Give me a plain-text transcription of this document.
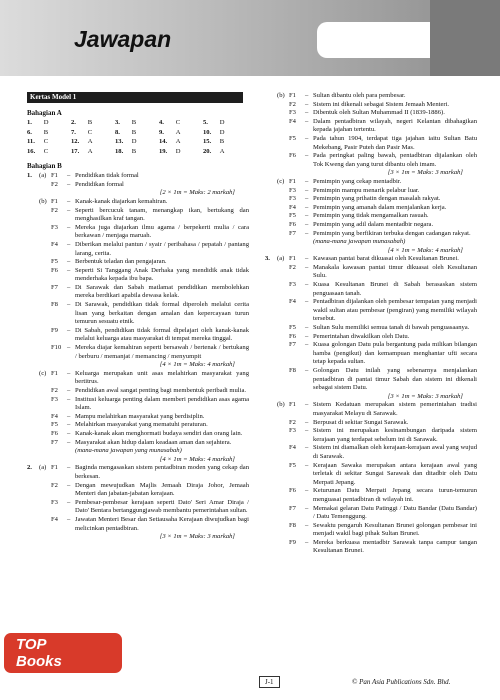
Jawapan
Kertas Model 1
Bahagian A
1.	D	2.	B	3.	B	4.	C	5.	D
6.	B	7.	C	8.	B	9.	A	10.	D
11.	C	12.	A	13.	D	14.	A	15.	B
16.	C	17.	A	18.	B	19.	D	20.	A
Bahagian B
1.	(a) F1	– Pendidikan tidak formal
F2	– Pendidikan formal
[2 × 1m = Maks: 2 markah]
(b) F1	– Kanak-kanak diajarkan kemahiran.
F2	– Seperti bercucuk tanam, menangkap ikan, bertukang dan menghasilkan kraf tangan.
F3	– Mereka juga diajarkan ilmu agama / berpekerti mulia / cara berkawan / menjaga maruah.
F4	– Diberikan melalui pantun / syair / peribahasa / pepatah / pantang larang, cerita.
F5	– Berbentuk teladan dan pengajaran.
F6	– Seperti Si Tanggang Anak Derhaka yang mendidik anak tidak menderhaka kepada ibu bapa.
F7	– Di Sarawak dan Sabah matlamat pendidikan membolehkan mereka berdikari apabila dewasa kelak.
F8	– Di Sarawak, pendidikan tidak formal diperoleh melalui cerita lisan yang berkaitan dengan amalan dan kepercayaan turun temurun sesuatu etnik.
F9	– Di Sabah, pendidikan tidak formal dipelajari oleh kanak-kanak melalui keluarga atau masyarakat di tempat mereka tinggal.
F10 – Mereka diajar kemahiran seperti bersawah / bertenak / bertukang / berburu / memanjat / memancing / menyumpit
[4 × 1m = Maks: 4 markah]
(c) F1	– Keluarga merupakan unit asas melahirkan masyarakat yang bertitrus.
F2	– Pendidikan awal sangat penting bagi membentuk peribadi mulia.
F3	– Institusi keluarga penting dalam memberi pendidikan asas agama Islam.
F4	– Mampu melahirkan masyarakat yang berdisiplin.
F5	– Melahirkan masyarakat yang mematuhi peraturan.
F6	– Kanak-kanak akan menghormati budaya sendiri dan orang lain.
F7	– Masyarakat akan hidup dalam keadaan aman dan sejahtera.
(mana-mana jawapan yang munasabah)
[4 × 1m = Maks: 4 markah]
2.	(a) F1	– Baginda mengasaskan sistem pentadbiran moden yang cekap dan berkesan.
F2	– Dengan mewujudkan Majlis Jemaah Diraja Johor, Jemaah Menteri dan jabatan-jabatan kerajaan.
F3	– Pembesar-pembesar kerajaan seperti Dato' Seri Amar Diraja / Dato' Bentara bertanggungjawab membantu pemerintahan sultan.
F4	– Jawatan Menteri Besar dan Setiausaha Kerajaan diwujudkan bagi melicinkan pentadbiran.
[3 × 1m = Maks: 3 markah]
(b) F1	– Sultan dibantu oleh para pembesar.
F2	– Sistem ini dikenali sebagai Sistem Jemaah Menteri.
F3	– Dibentuk oleh Sultan Muhammad II (1839-1886).
F4	– Dalam pentadbiran wilayah, negeri Kelantan dibahagikan kepada jajahan tertentu.
F5	– Pada tahun 1904, terdapat tiga jajahan iaitu Sultan Batu Mekebang, Pasir Puteh dan Pasir Mas.
F6	– Pada peringkat paling bawah, pentadbiran dijalankan oleh Tok Kweng dan yang turut dibantu oleh imam.
[3 × 1m = Maks: 3 markah]
(c) F1	– Pemimpin yang cekap mentadbir.
F3	– Pemimpin mampu menarik pelabur luar.
F3	– Pemimpin yang prihatin dengan masalah rakyat.
F4	– Pemimpin yang amanah dalam menjalankan kerja.
F5	– Pemimpin yang tidak mengamalkan rasuah.
F6	– Pemimpin yang adil dalam mentadbir negara.
F7	– Pemimpin yang berfikiran terbuka dengan cadangan rakyat.
(mana-mana jawapan munasabah)
[4 × 1m = Maks: 4 markah]
3.	(a) F1	– Kawasan pantai barat dikuasai oleh Kesultanan Brunei.
F2	– Manakala kawasan pantai timur dikuasai oleh Kesultanan Sulu.
F3	– Kuasa Kesultanan Brunei di Sabah berasaskan sistem penguasaan tanah.
F4	– Pentadbiran dijalankan oleh pembesar tempatan yang menjadi wakil sultan atau pembesar (pengiran) yang memiliki wilayah tersebut.
F5	– Sultan Sulu memiliki semua tanah di bawah penguasaanya.
F6	– Pemerintahan diwakilkan oleh Datu.
F7	– Kuasa golongan Datu pula bergantung pada milikan bilangan hamba (pengikut) dan kemampuan menghantar ufti secara tetap kepada sultan.
F8	– Golongan Datu inilah yang sebenarnya menjalankan pentadbiran di pantai timur Sabah dan sistem ini dikenali sebagai sistem Datu.
[3 × 1m = Maks: 3 markah]
(b) F1	– Sistem Kedatuan merupakan sistem pemerintahan tradisi masyarakat Melayu di Sarawak.
F2	– Berpusat di sekitar Sungai Sarawak.
F3	– Sistem ini merupakan kesinambungan daripada sistem kerajaan yang terdapat sebelum ini di Sarawak.
F4	– Sistem ini diamalkan oleh kerajaan-kerajaan awal yang wujud di Sarawak.
F5	– Kerajaan Sawaka merupakan antara kerajaan awal yang terletak di sekitar Sungai Sarawak dan ditadbir oleh Datu Merpati Jepang.
F6	– Keturunan Datu Merpati Jepang secara turun-temurun menguasai pentadbiran di wilayah ini.
F7	– Memakai gelaran Datu Patinggi / Datu Bandar (Datu Bandar) / Datu Temenggung.
F8	– Sewaktu pengaruh Kesultanan Brunei golongan pembesar ini menjadi wakil bagi pihak Sultan Brunei.
F9	– Mereka berkuasa mentadbir Sarawak tanpa campur tangan Kesultanan Brunei.
TOP
Books
J-1	© Pan Asia Publications Sdn. Bhd.
